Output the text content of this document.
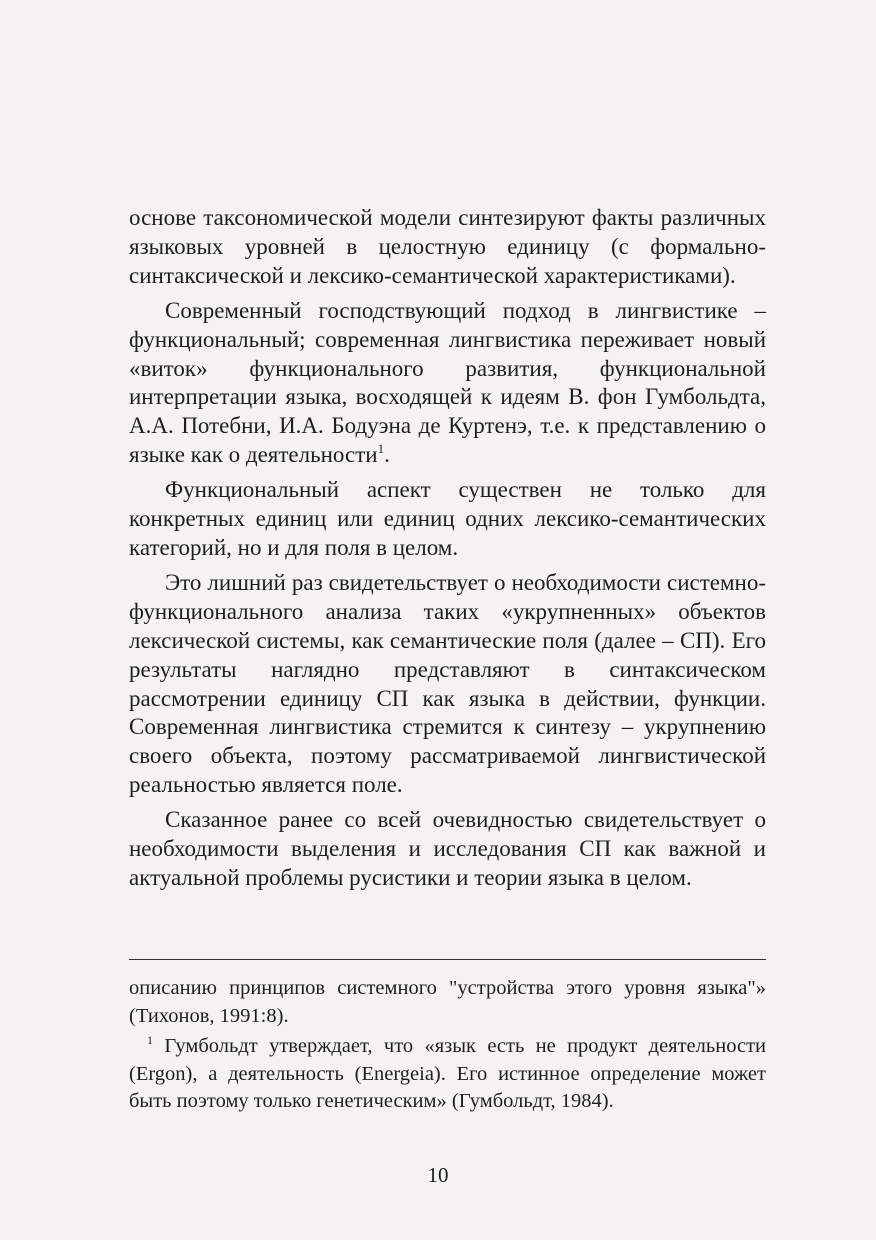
основе таксономической модели синтезируют факты различных языковых уровней в целостную единицу (с формально-синтаксической и лексико-семантической характеристиками).

Современный господствующий подход в лингвистике – функциональный; современная лингвистика переживает новый «виток» функционального развития, функциональной интерпретации языка, восходящей к идеям В. фон Гумбольдта, А.А. Потебни, И.А. Бодуэна де Куртенэ, т.е. к представлению о языке как о деятельности$^1$.

Функциональный аспект существен не только для конкретных единиц или единиц одних лексико-семантических категорий, но и для поля в целом.

Это лишний раз свидетельствует о необходимости системно-функционального анализа таких «укрупненных» объектов лексической системы, как семантические поля (далее – СП). Его результаты наглядно представляют в синтаксическом рассмотрении единицу СП как языка в действии, функции. Современная лингвистика стремится к синтезу – укрупнению своего объекта, поэтому рассматриваемой лингвистической реальностью является поле.

Сказанное ранее со всей очевидностью свидетельствует о необходимости выделения и исследования СП как важной и актуальной проблемы русистики и теории языка в целом.

описанию принципов системного "устройства этого уровня языка"» (Тихонов, 1991:8).

$^1$ Гумбольдт утверждает, что «язык есть не продукт деятельности (Ergon), а деятельность (Energeia). Его истинное определение может быть поэтому только генетическим» (Гумбольдт, 1984).

10
